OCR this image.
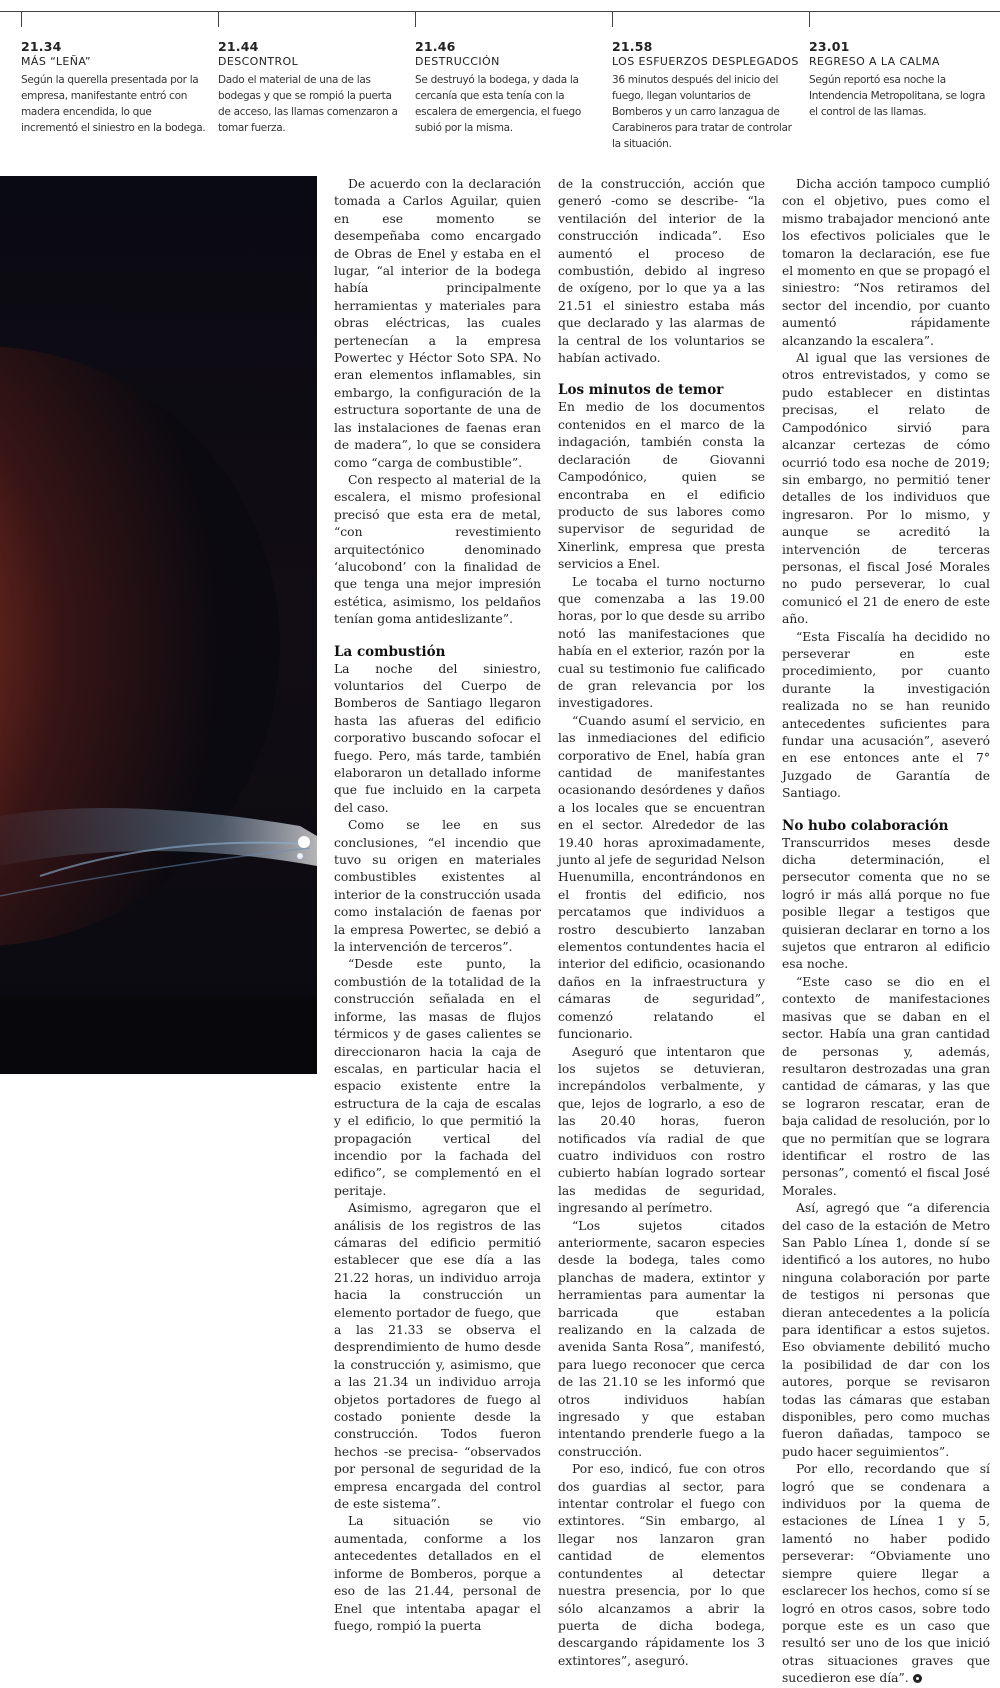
21.34
MÁS “LEÑA”
Según la querella presentada por la empresa, manifestante entró con madera encendida, lo que incrementó el siniestro en la bodega.
21.44
DESCONTROL
Dado el material de una de las bodegas y que se rompió la puerta de acceso, las llamas comenzaron a tomar fuerza.
21.46
DESTRUCCIÓN
Se destruyó la bodega, y dada la cercanía que esta tenía con la escalera de emergencia, el fuego subió por la misma.
21.58
LOS ESFUERZOS DESPLEGADOS
36 minutos después del inicio del fuego, llegan voluntarios de Bomberos y un carro lanzagua de Carabineros para tratar de controlar la situación.
23.01
REGRESO A LA CALMA
Según reportó esa noche la Intendencia Metropolitana, se logra el control de las llamas.

De acuerdo con la declaración tomada a Carlos Aguilar, quien en ese momento se desempeñaba como encargado de Obras de Enel y estaba en el lugar, “al interior de la bodega había principalmente herramientas y materiales para obras eléctricas, las cuales pertenecían a la empresa Powertec y Héctor Soto SPA. No eran elementos inflamables, sin embargo, la configuración de la estructura soportante de una de las instalaciones de faenas eran de madera”, lo que se considera como “carga de combustible”.

Con respecto al material de la escalera, el mismo profesional precisó que esta era de metal, “con revestimiento arquitectónico denominado ‘alucobond’ con la finalidad de que tenga una mejor impresión estética, asimismo, los peldaños tenían goma antideslizante”.

La combustión

La noche del siniestro, voluntarios del Cuerpo de Bomberos de Santiago llegaron hasta las afueras del edificio corporativo buscando sofocar el fuego. Pero, más tarde, también elaboraron un detallado informe que fue incluido en la carpeta del caso.

Como se lee en sus conclusiones, “el incendio que tuvo su origen en materiales combustibles existentes al interior de la construcción usada como instalación de faenas por la empresa Powertec, se debió a la intervención de terceros”.

“Desde este punto, la combustión de la totalidad de la construcción señalada en el informe, las masas de flujos térmicos y de gases calientes se direccionaron hacia la caja de escalas, en particular hacia el espacio existente entre la estructura de la caja de escalas y el edificio, lo que permitió la propagación vertical del incendio por la fachada del edifico”, se complementó en el peritaje.

Asimismo, agregaron que el análisis de los registros de las cámaras del edificio permitió establecer que ese día a las 21.22 horas, un individuo arroja hacia la construcción un elemento portador de fuego, que a las 21.33 se observa el desprendimiento de humo desde la construcción y, asimismo, que a las 21.34 un individuo arroja objetos portadores de fuego al costado poniente desde la construcción. Todos fueron hechos -se precisa- “observados por personal de seguridad de la empresa encargada del control de este sistema”.

La situación se vio aumentada, conforme a los antecedentes detallados en el informe de Bomberos, porque a eso de las 21.44, personal de Enel que intentaba apagar el fuego, rompió la puerta

de la construcción, acción que generó -como se describe- “la ventilación del interior de la construcción indicada”. Eso aumentó el proceso de combustión, debido al ingreso de oxígeno, por lo que ya a las 21.51 el siniestro estaba más que declarado y las alarmas de la central de los voluntarios se habían activado.

Los minutos de temor

En medio de los documentos contenidos en el marco de la indagación, también consta la declaración de Giovanni Campodónico, quien se encontraba en el edificio producto de sus labores como supervisor de seguridad de Xinerlink, empresa que presta servicios a Enel.

Le tocaba el turno nocturno que comenzaba a las 19.00 horas, por lo que desde su arribo notó las manifestaciones que había en el exterior, razón por la cual su testimonio fue calificado de gran relevancia por los investigadores.

“Cuando asumí el servicio, en las inmediaciones del edificio corporativo de Enel, había gran cantidad de manifestantes ocasionando desórdenes y daños a los locales que se encuentran en el sector. Alrededor de las 19.40 horas aproximadamente, junto al jefe de seguridad Nelson Huenumilla, encontrándonos en el frontis del edificio, nos percatamos que individuos a rostro descubierto lanzaban elementos contundentes hacia el interior del edificio, ocasionando daños en la infraestructura y cámaras de seguridad”, comenzó relatando el funcionario.

Aseguró que intentaron que los sujetos se detuvieran, increpándolos verbalmente, y que, lejos de lograrlo, a eso de las 20.40 horas, fueron notificados vía radial de que cuatro individuos con rostro cubierto habían logrado sortear las medidas de seguridad, ingresando al perímetro.

“Los sujetos citados anteriormente, sacaron especies desde la bodega, tales como planchas de madera, extintor y herramientas para aumentar la barricada que estaban realizando en la calzada de avenida Santa Rosa”, manifestó, para luego reconocer que cerca de las 21.10 se les informó que otros individuos habían ingresado y que estaban intentando prenderle fuego a la construcción.

Por eso, indicó, fue con otros dos guardias al sector, para intentar controlar el fuego con extintores. “Sin embargo, al llegar nos lanzaron gran cantidad de elementos contundentes al detectar nuestra presencia, por lo que sólo alcanzamos a abrir la puerta de dicha bodega, descargando rápidamente los 3 extintores”, aseguró.

Dicha acción tampoco cumplió con el objetivo, pues como el mismo trabajador mencionó ante los efectivos policiales que le tomaron la declaración, ese fue el momento en que se propagó el siniestro: “Nos retiramos del sector del incendio, por cuanto aumentó rápidamente alcanzando la escalera”.

Al igual que las versiones de otros entrevistados, y como se pudo establecer en distintas precisas, el relato de Campodónico sirvió para alcanzar certezas de cómo ocurrió todo esa noche de 2019; sin embargo, no permitió tener detalles de los individuos que ingresaron. Por lo mismo, y aunque se acreditó la intervención de terceras personas, el fiscal José Morales no pudo perseverar, lo cual comunicó el 21 de enero de este año.

“Esta Fiscalía ha decidido no perseverar en este procedimiento, por cuanto durante la investigación realizada no se han reunido antecedentes suficientes para fundar una acusación”, aseveró en ese entonces ante el 7° Juzgado de Garantía de Santiago.

No hubo colaboración

Transcurridos meses desde dicha determinación, el persecutor comenta que no se logró ir más allá porque no fue posible llegar a testigos que quisieran declarar en torno a los sujetos que entraron al edificio esa noche.

“Este caso se dio en el contexto de manifestaciones masivas que se daban en el sector. Había una gran cantidad de personas y, además, resultaron destrozadas una gran cantidad de cámaras, y las que se lograron rescatar, eran de baja calidad de resolución, por lo que no permitían que se lograra identificar el rostro de las personas”, comentó el fiscal José Morales.

Así, agregó que “a diferencia del caso de la estación de Metro San Pablo Línea 1, donde sí se identificó a los autores, no hubo ninguna colaboración por parte de testigos ni personas que dieran antecedentes a la policía para identificar a estos sujetos. Eso obviamente debilitó mucho la posibilidad de dar con los autores, porque se revisaron todas las cámaras que estaban disponibles, pero como muchas fueron dañadas, tampoco se pudo hacer seguimientos”.

Por ello, recordando que sí logró que se condenara a individuos por la quema de estaciones de Línea 1 y 5, lamentó no haber podido perseverar: “Obviamente uno siempre quiere llegar a esclarecer los hechos, como sí se logró en otros casos, sobre todo porque este es un caso que resultó ser uno de los que inició otras situaciones graves que sucedieron ese día”.
